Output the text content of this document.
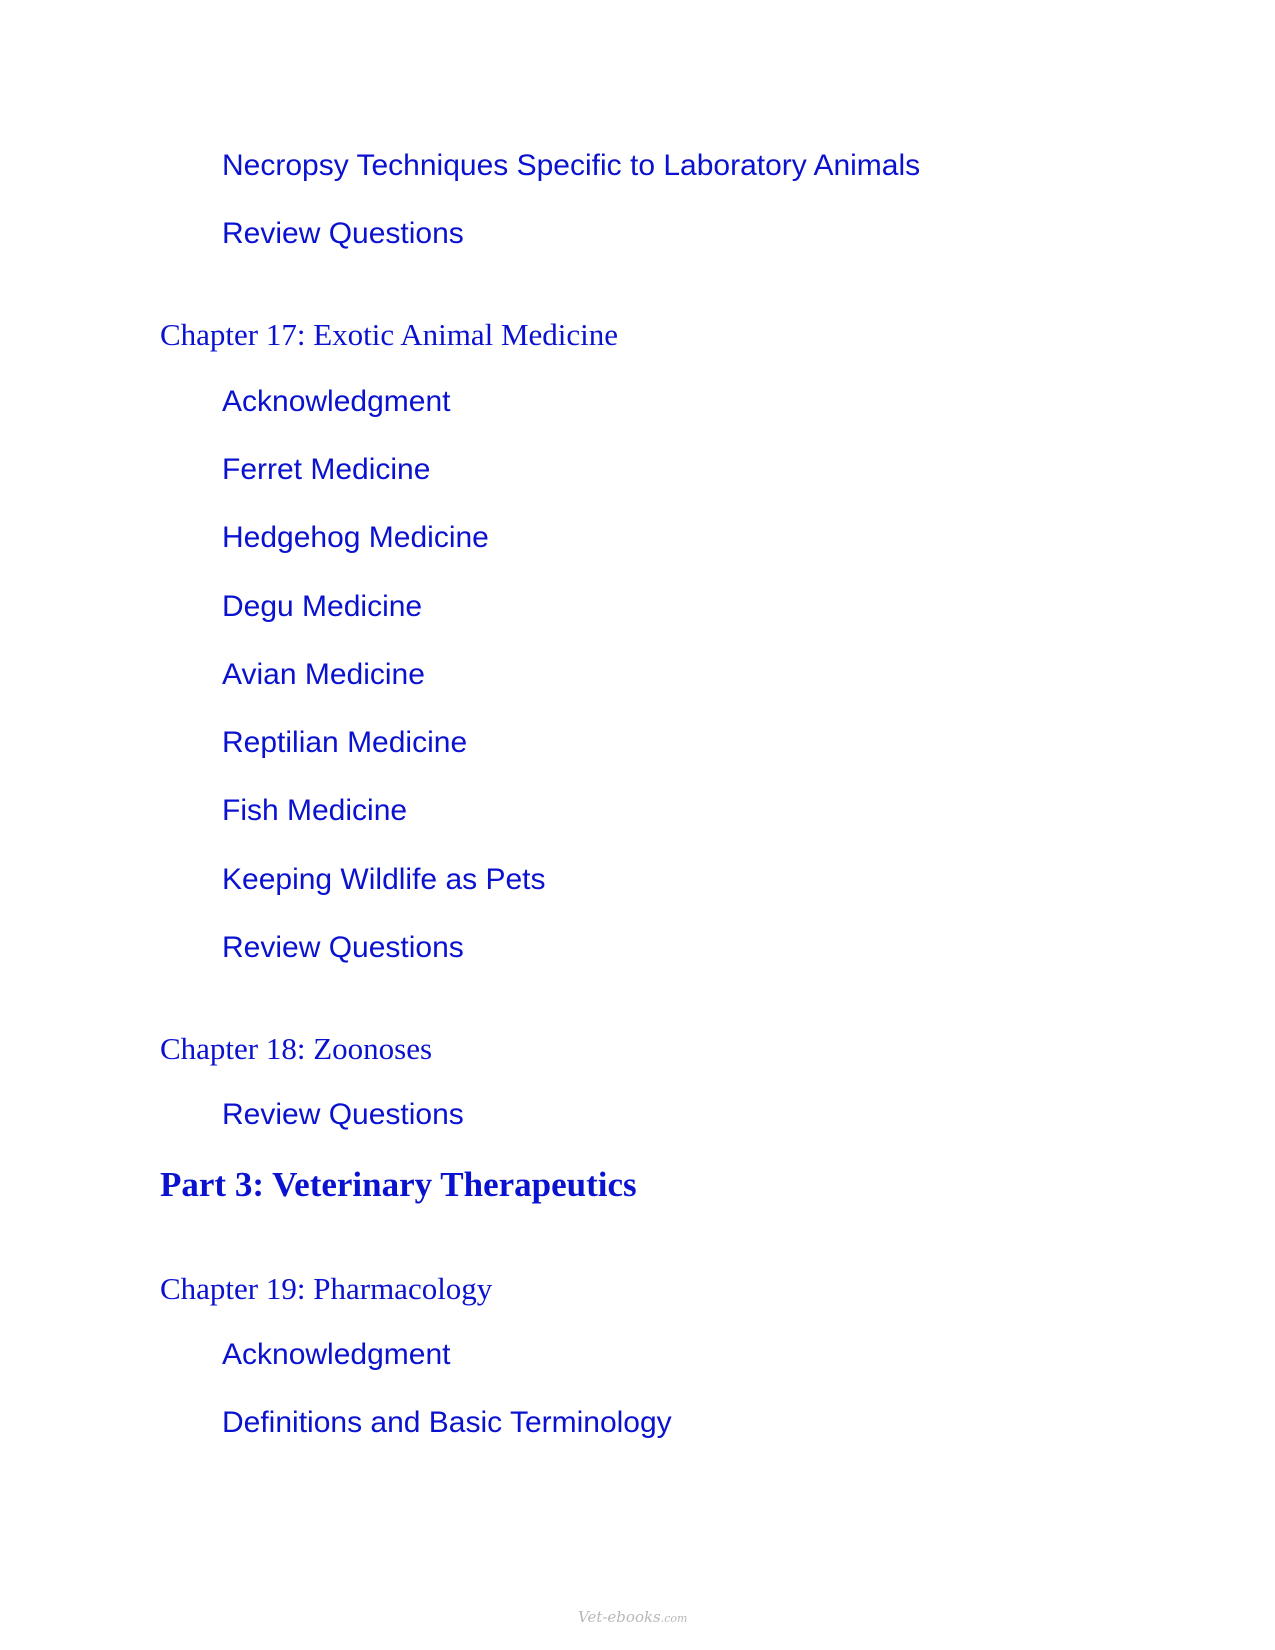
Necropsy Techniques Specific to Laboratory Animals
Review Questions
Chapter 17: Exotic Animal Medicine
Acknowledgment
Ferret Medicine
Hedgehog Medicine
Degu Medicine
Avian Medicine
Reptilian Medicine
Fish Medicine
Keeping Wildlife as Pets
Review Questions
Chapter 18: Zoonoses
Review Questions
Part 3: Veterinary Therapeutics
Chapter 19: Pharmacology
Acknowledgment
Definitions and Basic Terminology
Vet-ebooks.com
